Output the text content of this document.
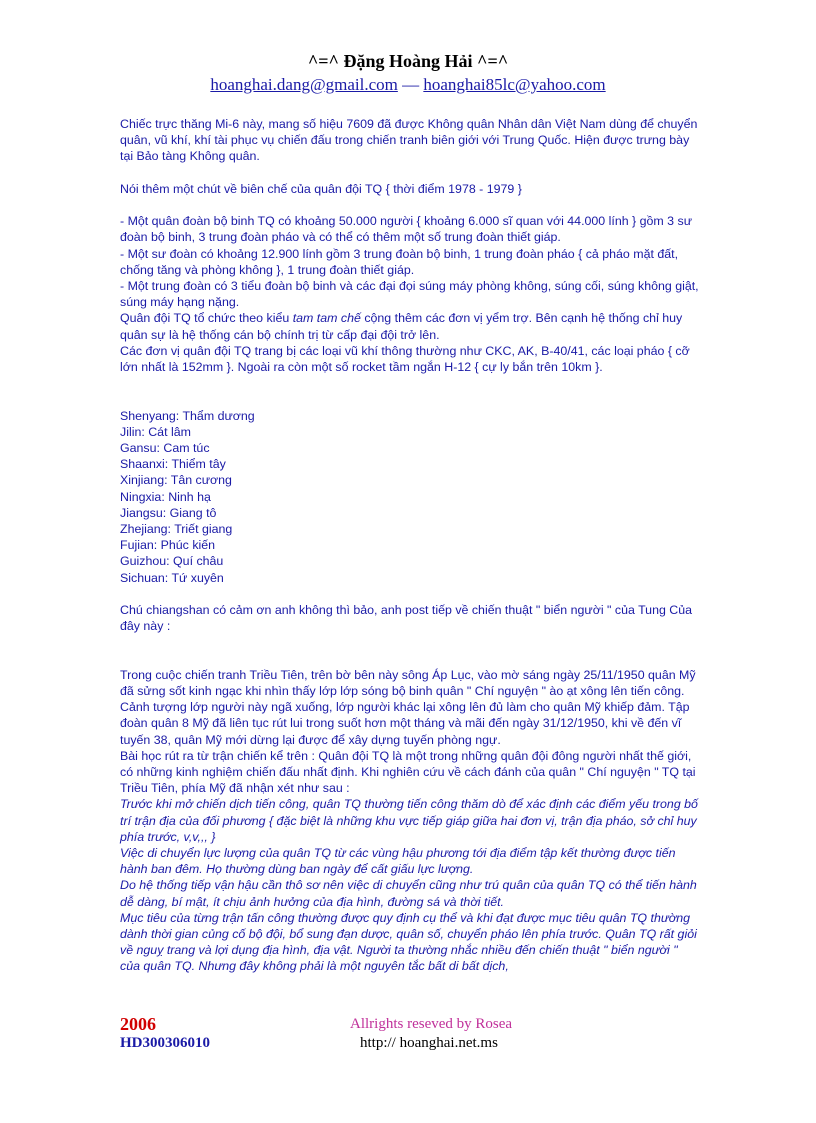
^=^ Đặng Hoàng Hải ^=^
hoanghai.dang@gmail.com — hoanghai85lc@yahoo.com

Chiếc trực thăng Mi-6 này, mang số hiệu 7609 đã được Không quân Nhân dân Việt Nam dùng để chuyển quân, vũ khí, khí tài phục vụ chiến đấu trong chiến tranh biên giới với Trung Quốc. Hiện được trưng bày tại Bảo tàng Không quân.

Nói thêm một chút về biên chế của quân đội TQ { thời điểm 1978 - 1979 }

- Một quân đoàn bộ binh TQ có khoảng 50.000 người { khoảng 6.000 sĩ quan với 44.000 lính } gồm 3 sư đoàn bộ binh, 3 trung đoàn pháo và có thể có thêm một số trung đoàn thiết giáp.

- Một sư đoàn có khoảng 12.900 lính gồm 3 trung đoàn bộ binh, 1 trung đoàn pháo { cả pháo mặt đất, chống tăng và phòng không }, 1 trung đoàn thiết giáp.

- Một trung đoàn có 3 tiểu đoàn bộ binh và các đại đọi súng máy phòng không, súng cối, súng không giật, súng máy hạng nặng.

Quân đội TQ tổ chức theo kiểu tam tam chế cộng thêm các đơn vị yểm trợ. Bên cạnh hệ thống chỉ huy quân sự là hệ thống cán bộ chính trị từ cấp đại đội trở lên.

Các đơn vị quân đội TQ trang bị các loại vũ khí thông thường như CKC, AK, B-40/41, các loại pháo { cỡ lớn nhất là 152mm }. Ngoài ra còn một số rocket tầm ngắn H-12 { cự ly bắn trên 10km }.

Shenyang: Thẩm dương

Jilin: Cát lâm

Gansu: Cam túc

Shaanxi: Thiểm tây

Xinjiang: Tân cương

Ningxia: Ninh hạ

Jiangsu: Giang tô

Zhejiang: Triết giang

Fujian: Phúc kiến

Guizhou: Quí châu

Sichuan: Tứ xuyên

Chú chiangshan có cảm ơn anh không thì bảo, anh post tiếp về chiến thuật " biển người " của Tung Của đây này :

Trong cuộc chiến tranh Triều Tiên, trên bờ bên này sông Áp Lục, vào mờ sáng ngày 25/11/1950 quân Mỹ đã sửng sốt kinh ngạc khi nhìn thấy lớp lớp sóng bộ binh quân " Chí nguyện " ào ạt xông lên tiến công. Cảnh tượng lớp người này ngã xuống, lớp người khác lại xông lên đủ làm cho quân Mỹ khiếp đảm. Tập đoàn quân 8 Mỹ đã liên tục rút lui trong suốt hơn một tháng và mãi đến ngày 31/12/1950, khi về đến vĩ tuyến 38, quân Mỹ mới dừng lại được để xây dựng tuyến phòng ngự.

Bài học rút ra từ trận chiến kể trên : Quân đội TQ là một trong những quân đội đông người nhất thế giới, có những kinh nghiệm chiến đấu nhất định. Khi nghiên cứu về cách đánh của quân " Chí nguyện " TQ tại Triều Tiên, phía Mỹ đã nhận xét như sau :

Trước khi mở chiến dịch tiến công, quân TQ thường tiến công thăm dò để xác định các điểm yếu trong bố trí trận địa của đối phương { đặc biệt là những khu vực tiếp giáp giữa hai đơn vị, trận địa pháo, sở chỉ huy phía trước, v,v,,, }

Việc di chuyển lực lượng của quân TQ từ các vùng hậu phương tới địa điểm tập kết thường được tiến hành ban đêm. Họ thường dùng ban ngày để cất giấu lực lượng.

Do hệ thống tiếp vận hậu cần thô sơ nên việc di chuyển cũng như trú quân của quân TQ có thể tiến hành dễ dàng, bí mật, ít chịu ảnh hưởng của địa hình, đường sá và thời tiết.

Mục tiêu của từng trận tấn công thường được quy định cụ thể và khi đạt được mục tiêu quân TQ thường dành thời gian củng cố bộ đội, bổ sung đạn dược, quân số, chuyển pháo lên phía trước. Quân TQ rất giỏi về nguỵ trang và lợi dụng địa hình, địa vật. Người ta thường nhắc nhiều đến chiến thuật " biển người " của quân TQ. Nhưng đây không phải là một nguyên tắc bất di bất dịch,

2006
HD300306010
Allrights reseved by Rosea
http:// hoanghai.net.ms
